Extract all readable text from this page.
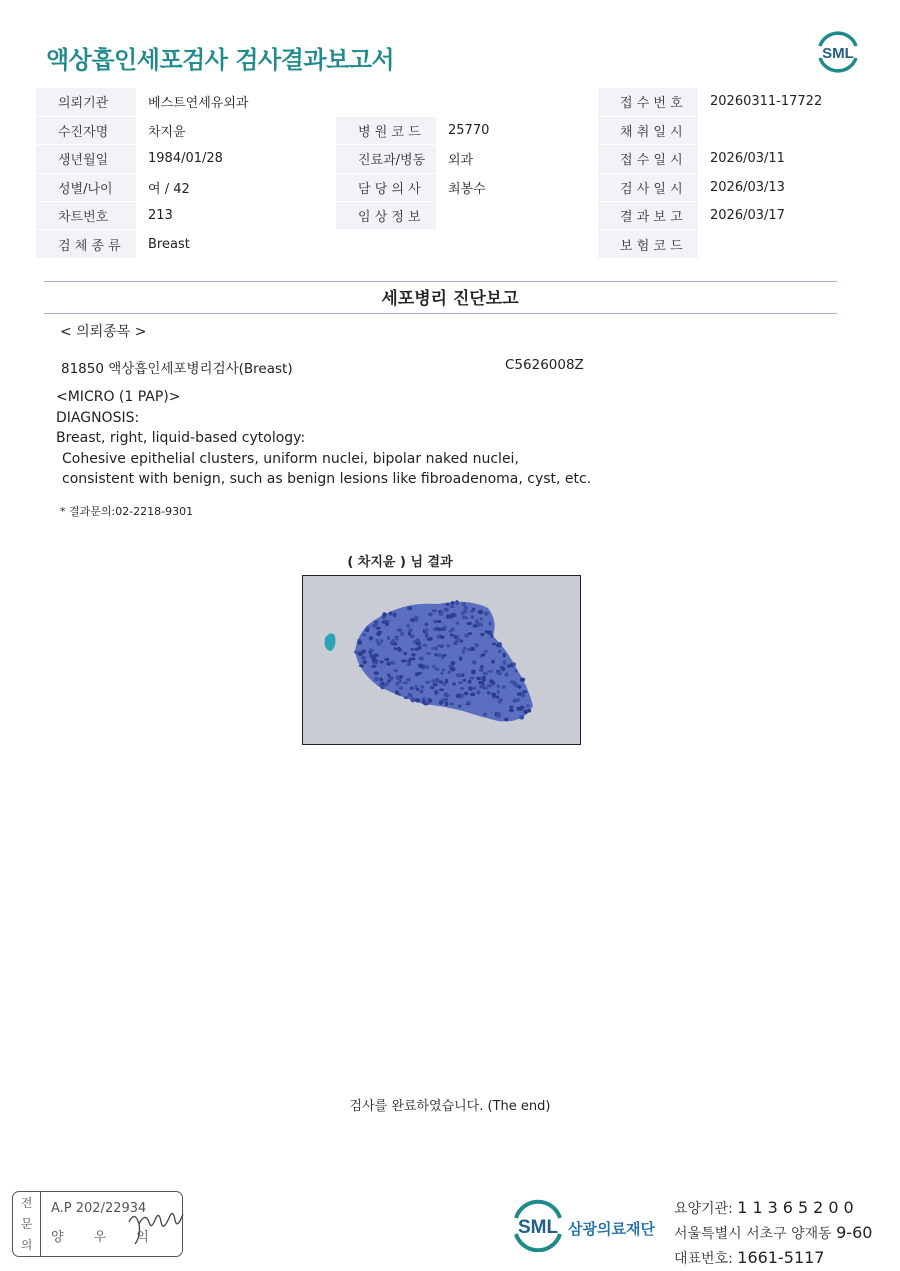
액상흡인세포검사 검사결과보고서	SML
의뢰기관	베스트연세유외과			접 수 번 호	20260311-17722
수진자명	차지윤	병 원 코 드	25770	채 취 일 시	
생년월일	1984/01/28	진료과/병동	외과	접 수 일 시	2026/03/11
성별/나이	여 / 42	담 당 의 사	최봉수	검 사 일 시	2026/03/13
차트번호	213	임 상 정 보		결 과 보 고	2026/03/17
검 체 종 류	Breast			보 험 코 드	
세포병리 진단보고
< 의뢰종목 >
81850 액상흡인세포병리검사(Breast)	C5626008Z
<MICRO (1 PAP)>
DIAGNOSIS:
Breast, right, liquid-based cytology:
Cohesive epithelial clusters, uniform nuclei, bipolar naked nuclei,
consistent with benign, such as benign lesions like fibroadenoma, cyst, etc.
* 결과문의:02-2218-9301
( 차지윤 ) 님 결과
검사를 완료하였습니다. (The end)
전
문
의
A.P 202/22934
양 우 익	SML 삼광의료재단
요양기관: 11365200
서울특별시 서초구 양재동 9-60
대표번호: 1661-5117
